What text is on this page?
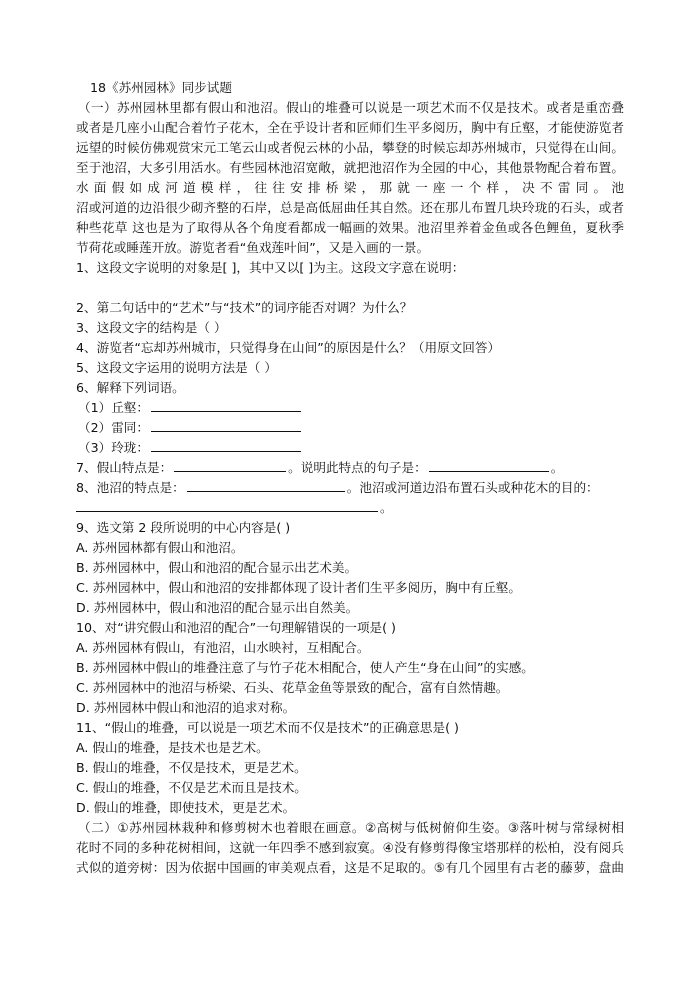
18《苏州园林》同步试题
（一）苏州园林里都有假山和池沼。假山的堆叠可以说是一项艺术而不仅是技术。或者是重峦叠
或者是几座小山配合着竹子花木，全在乎设计者和匠师们生平多阅历，胸中有丘壑，才能使游览者
远望的时候仿佛观赏宋元工笔云山或者倪云林的小品，攀登的时候忘却苏州城市，只觉得在山间。
至于池沼，大多引用活水。有些园林池沼宽敞，就把池沼作为全园的中心，其他景物配合着布置。
水面假如成河道模样，往往安排桥梁，那就一座一个样，决不雷同。池
沼或河道的边沿很少砌齐整的石岸，总是高低屈曲任其自然。还在那儿布置几块玲珑的石头，或者
种些花草 这也是为了取得从各个角度看都成一幅画的效果。池沼里养着金鱼或各色鲤鱼，夏秋季
节荷花或睡莲开放。游览者看“鱼戏莲叶间”，又是入画的一景。
1、这段文字说明的对象是[ ]，其中又以[ ]为主。这段文字意在说明：
2、第二句话中的“艺术”与“技术”的词序能否对调？为什么？
3、这段文字的结构是（ ）
4、游览者“忘却苏州城市，只觉得身在山间”的原因是什么？（用原文回答）
5、这段文字运用的说明方法是（ ）
6、解释下列词语。
（1）丘壑：
（2）雷同：
（3）玲珑：
7、假山特点是：	。说明此特点的句子是：	。
8、池沼的特点是：	。池沼或河道边沿布置石头或种花木的目的：
。
9、选文第 2 段所说明的中心内容是( )
A. 苏州园林都有假山和池沼。
B. 苏州园林中，假山和池沼的配合显示出艺术美。
C. 苏州园林中，假山和池沼的安排都体现了设计者们生平多阅历，胸中有丘壑。
D. 苏州园林中，假山和池沼的配合显示出自然美。
10、对“讲究假山和池沼的配合”一句理解错误的一项是( )
A. 苏州园林有假山，有池沼，山水映衬，互相配合。
B. 苏州园林中假山的堆叠注意了与竹子花木相配合，使人产生“身在山间”的实感。
C. 苏州园林中的池沼与桥梁、石头、花草金鱼等景致的配合，富有自然情趣。
D. 苏州园林中假山和池沼的追求对称。
11、“假山的堆叠，可以说是一项艺术而不仅是技术”的正确意思是( )
A. 假山的堆叠，是技术也是艺术。
B. 假山的堆叠，不仅是技术，更是艺术。
C. 假山的堆叠，不仅是艺术而且是技术。
D. 假山的堆叠，即使技术，更是艺术。
（二）①苏州园林栽种和修剪树木也着眼在画意。②高树与低树俯仰生姿。③落叶树与常绿树相
花时不同的多种花树相间，这就一年四季不感到寂寞。④没有修剪得像宝塔那样的松柏，没有阅兵
式似的道旁树：因为依据中国画的审美观点看，这是不足取的。⑤有几个园里有古老的藤萝，盘曲
